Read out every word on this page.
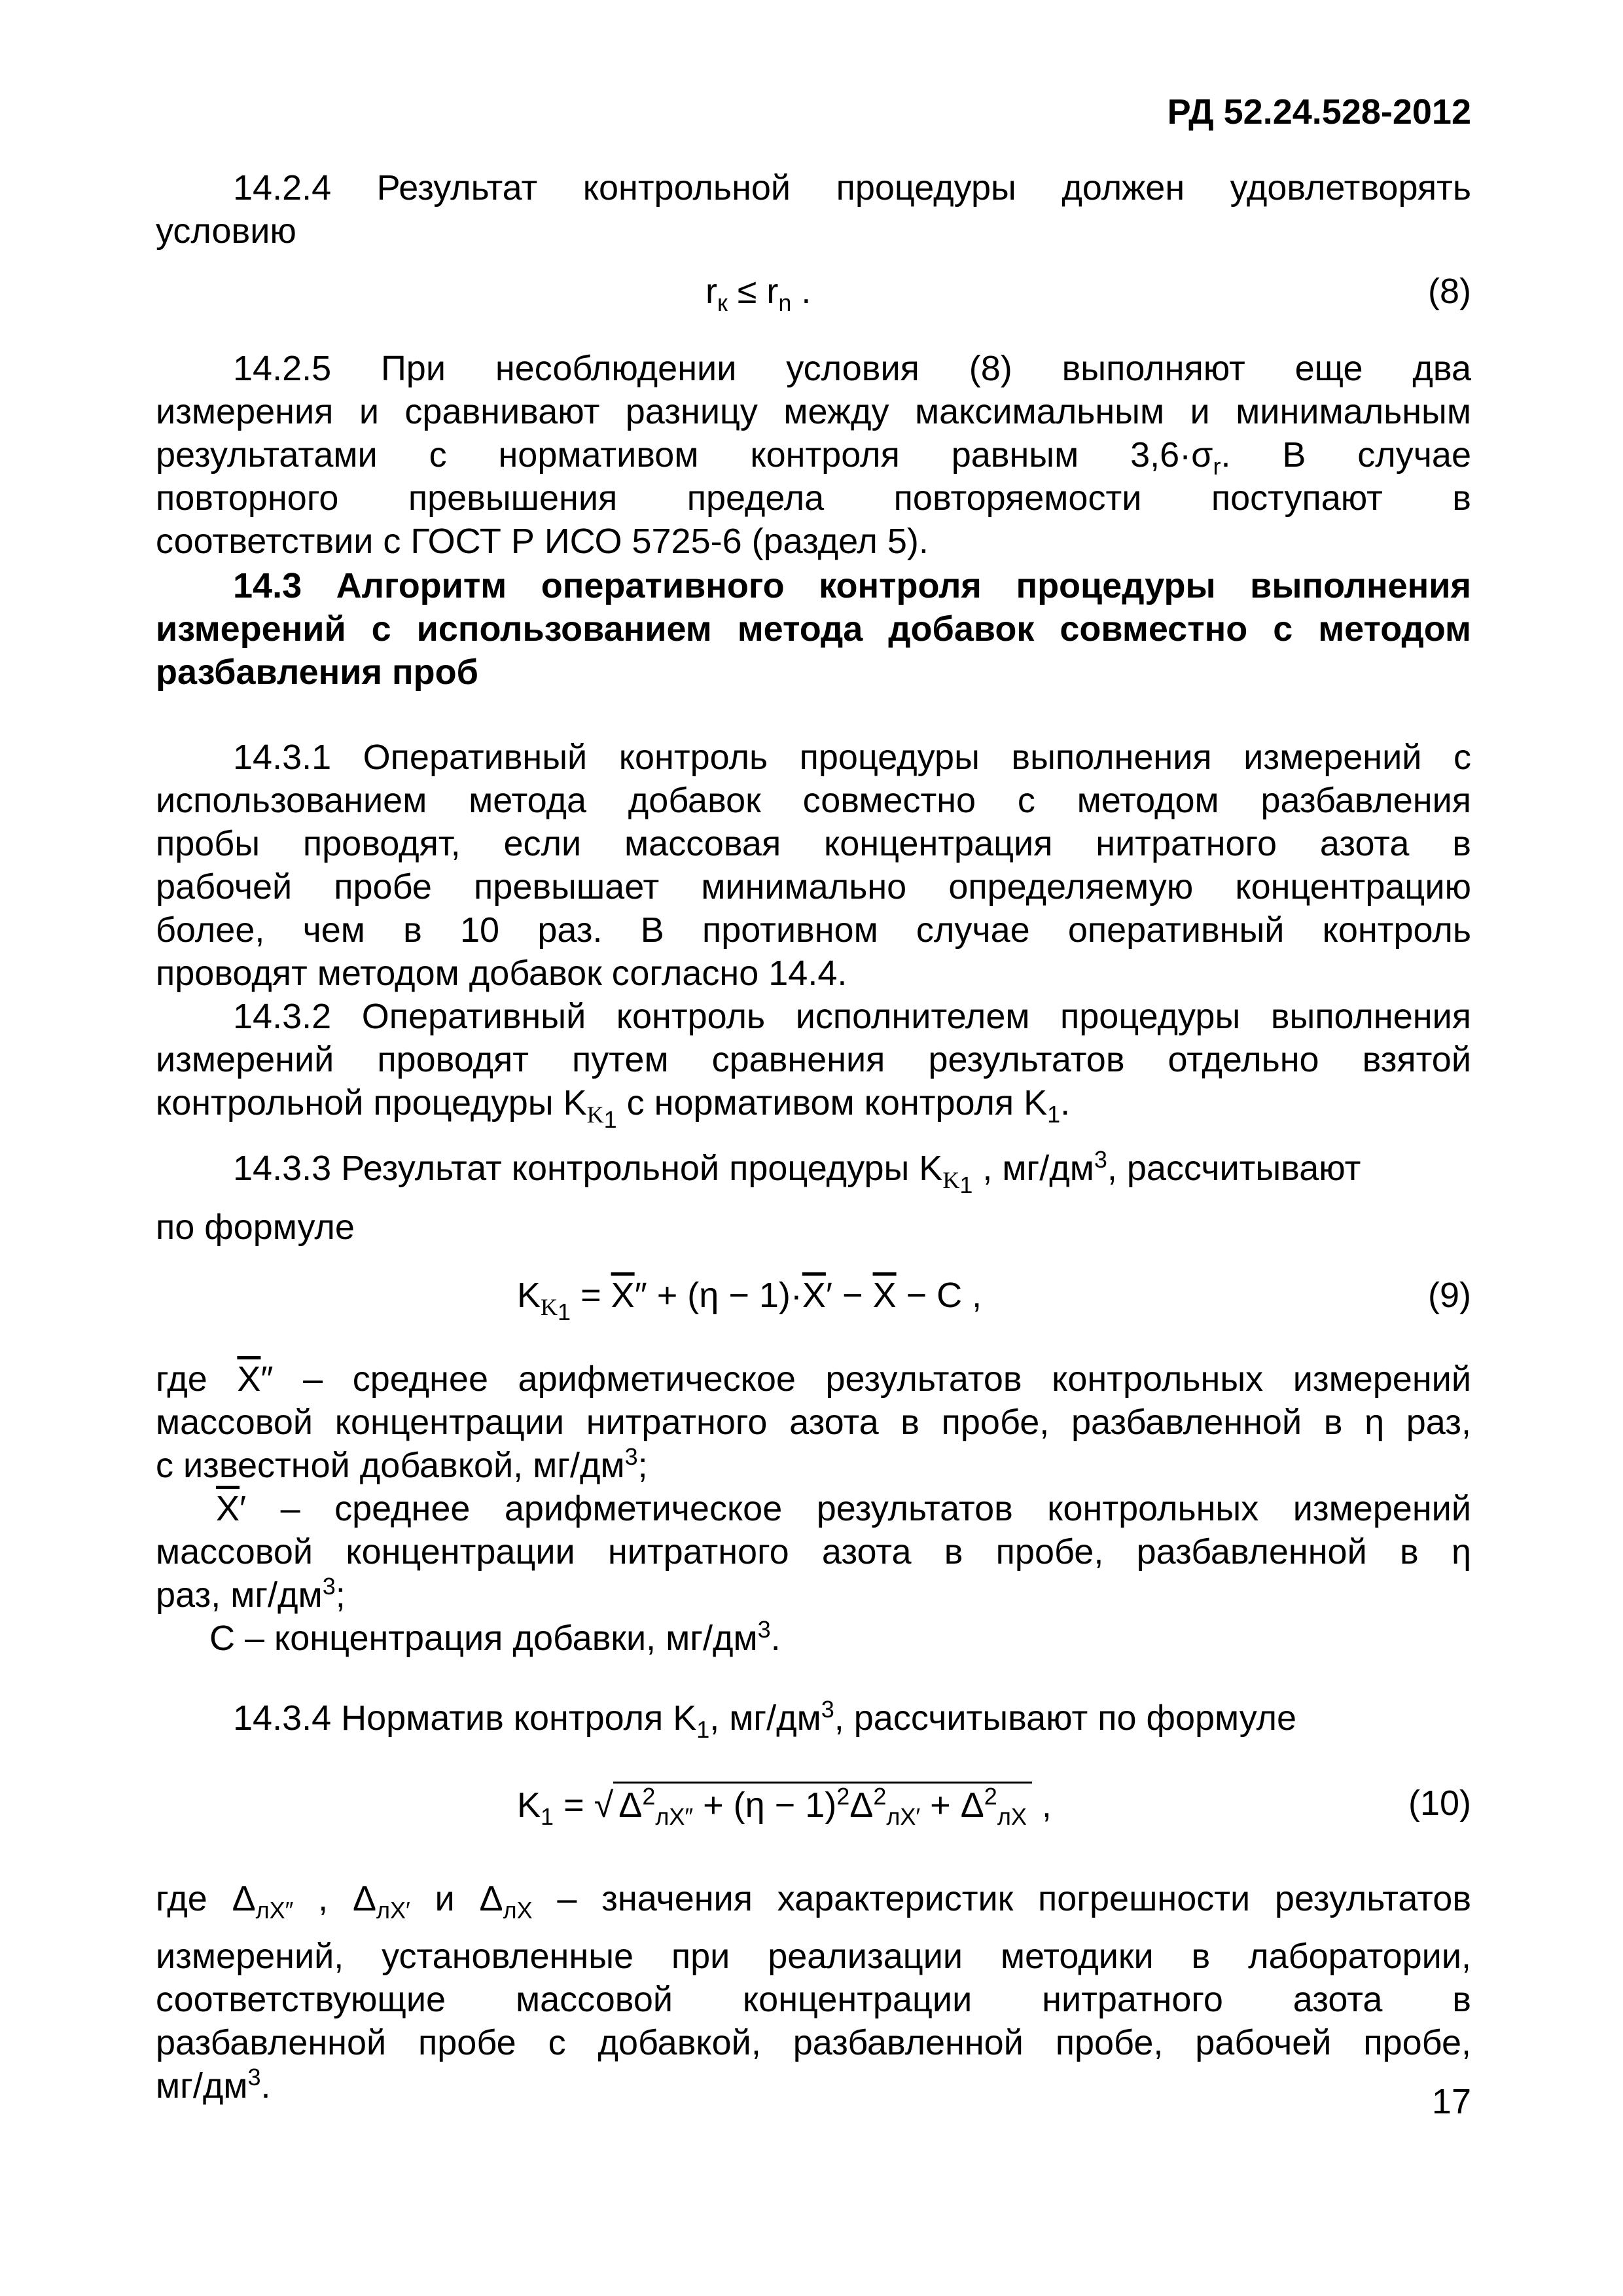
РД 52.24.528-2012
14.2.4 Результат контрольной процедуры должен удовлетворять
условию
$r_к \le r_n$ .	(8)
14.2.5 При несоблюдении условия (8) выполняют еще два
измерения и сравнивают разницу между максимальным и минимальным
результатами с нормативом контроля равным $3,6\cdot\sigma_r$. В случае
повторного превышения предела повторяемости поступают в
соответствии с ГОСТ Р ИСО 5725-6 (раздел 5).
14.3 Алгоритм оперативного контроля процедуры выполнения
измерений с использованием метода добавок совместно с методом
разбавления проб
14.3.1 Оперативный контроль процедуры выполнения измерений с
использованием метода добавок совместно с методом разбавления
пробы проводят, если массовая концентрация нитратного азота в
рабочей пробе превышает минимально определяемую концентрацию
более, чем в 10 раз. В противном случае оперативный контроль
проводят методом добавок согласно 14.4.
14.3.2 Оперативный контроль исполнителем процедуры выполнения
измерений проводят путем сравнения результатов отдельно взятой
контрольной процедуры $K_{K_1}$ с нормативом контроля $K_1$.
14.3.3 Результат контрольной процедуры $K_{K_1}$ , $мг/дм^3$, рассчитывают
по формуле
$K_{K_1} = \overline{X}'' + (\eta - 1)\cdot\overline{X}' - \overline{X} - C$ ,	(9)
где $\overline{X}''$ – среднее арифметическое результатов контрольных измерений
массовой концентрации нитратного азота в пробе, разбавленной в η раз,
с известной добавкой, $мг/дм^3$;
$\overline{X}'$ – среднее арифметическое результатов контрольных измерений
массовой концентрации нитратного азота в пробе, разбавленной в η
раз, $мг/дм^3$;
C – концентрация добавки, $мг/дм^3$.
14.3.4 Норматив контроля $K_1$, $мг/дм^3$, рассчитывают по формуле
$K_1$ = √ $\Delta^2_{лX''} + (\eta - 1)^2\Delta^2_{лX'} + \Delta^2_{лX}$ ,	(10)
где $\Delta_{лX''}$ , $\Delta_{лX'}$ и $\Delta_{лX}$ – значения характеристик погрешности результатов
измерений, установленные при реализации методики в лаборатории,
соответствующие массовой концентрации нитратного азота в
разбавленной пробе с добавкой, разбавленной пробе, рабочей пробе,
$мг/дм^3$.	17
